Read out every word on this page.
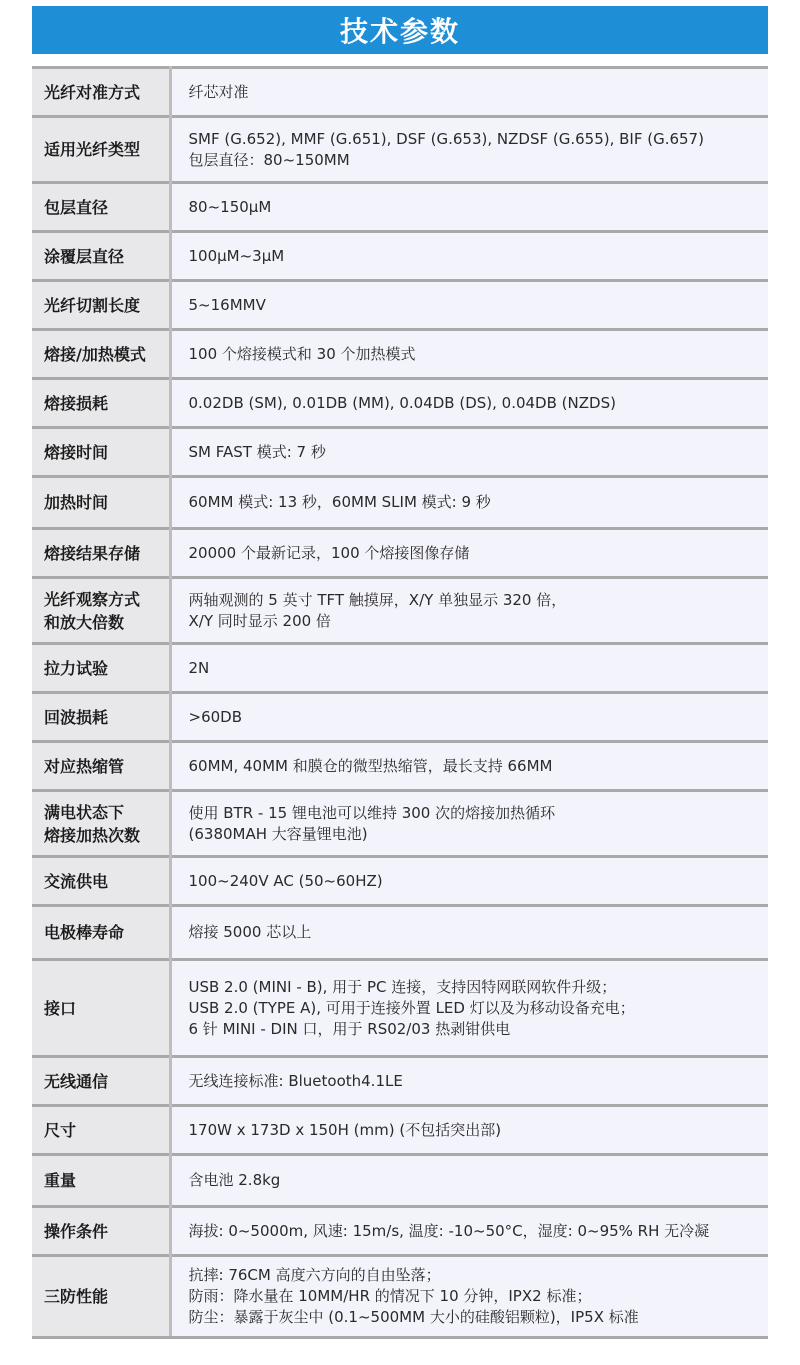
技术参数
光纤对准方式	纤芯对准

适用光纤类型	SMF (G.652), MMF (G.651), DSF (G.653), NZDSF (G.655), BIF (G.657)
包层直径：80~150MM

包层直径	80~150μM

涂覆层直径	100μM~3μM

光纤切割长度	5~16MMV

熔接/加热模式	100 个熔接模式和 30 个加热模式

熔接损耗	0.02DB (SM), 0.01DB (MM), 0.04DB (DS), 0.04DB (NZDS)

熔接时间	SM FAST 模式: 7 秒

加热时间	60MM 模式: 13 秒，60MM SLIM 模式: 9 秒

熔接结果存储	20000 个最新记录，100 个熔接图像存储

光纤观察方式
和放大倍数	两轴观测的 5 英寸 TFT 触摸屏，X/Y 单独显示 320 倍，
X/Y 同时显示 200 倍

拉力试验	2N

回波损耗	>60DB

对应热缩管	60MM, 40MM 和膜仓的微型热缩管，最长支持 66MM

满电状态下
熔接加热次数	使用 BTR - 15 锂电池可以维持 300 次的熔接加热循环
(6380MAH 大容量锂电池)

交流供电	100~240V AC (50~60HZ)

电极棒寿命	熔接 5000 芯以上

接口	USB 2.0 (MINI - B), 用于 PC 连接，支持因特网联网软件升级；
USB 2.0 (TYPE A), 可用于连接外置 LED 灯以及为移动设备充电；
6 针 MINI - DIN 口，用于 RS02/03 热剥钳供电

无线通信	无线连接标准: Bluetooth4.1LE

尺寸	170W x 173D x 150H (mm) (不包括突出部)

重量	含电池 2.8kg

操作条件	海拔: 0~5000m, 风速: 15m/s, 温度: -10~50°C，湿度: 0~95% RH 无冷凝

三防性能	抗摔: 76CM 高度六方向的自由坠落；
防雨：降水量在 10MM/HR 的情况下 10 分钟，IPX2 标准；
防尘：暴露于灰尘中 (0.1~500MM 大小的硅酸铝颗粒)，IP5X 标准
